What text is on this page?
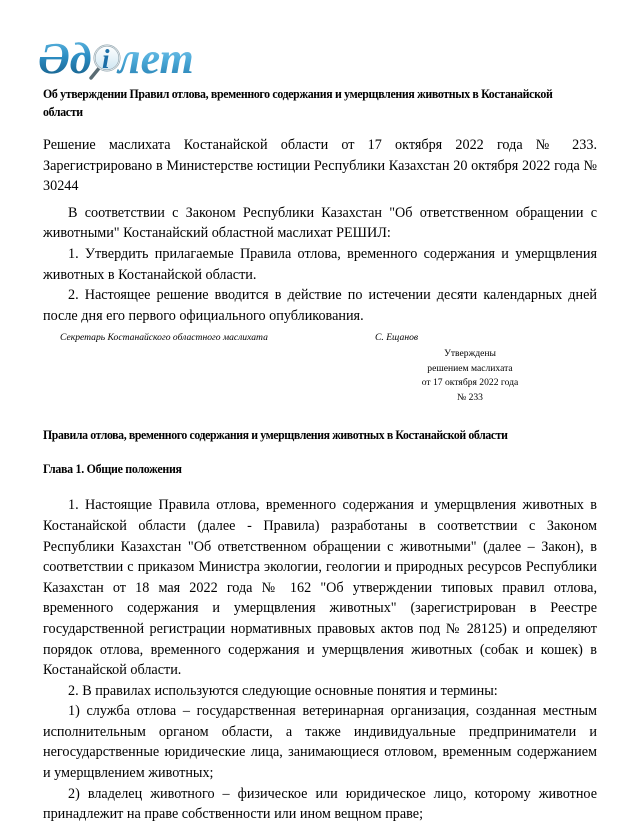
Әд i лет
Об утверждении Правил отлова, временного содержания и умерщвления животных в Костанайской области

Решение маслихата Костанайской области от 17 октября 2022 года № 233. Зарегистрировано в Министерстве юстиции Республики Казахстан 20 октября 2022 года № 30244

В соответствии с Законом Республики Казахстан "Об ответственном обращении с животными" Костанайский областной маслихат РЕШИЛ:

1. Утвердить прилагаемые Правила отлова, временного содержания и умерщвления животных в Костанайской области.

2. Настоящее решение вводится в действие по истечении десяти календарных дней после дня его первого официального опубликования.

Секретарь Костанайского областного маслихата	С. Ещанов
Утверждены
решением маслихата
от 17 октября 2022 года
№ 233
Правила отлова, временного содержания и умерщвления животных в Костанайской области
Глава 1. Общие положения

1. Настоящие Правила отлова, временного содержания и умерщвления животных в Костанайской области (далее - Правила) разработаны в соответствии с Законом Республики Казахстан "Об ответственном обращении с животными" (далее – Закон), в соответствии с приказом Министра экологии, геологии и природных ресурсов Республики Казахстан от 18 мая 2022 года № 162 "Об утверждении типовых правил отлова, временного содержания и умерщвления животных" (зарегистрирован в Реестре государственной регистрации нормативных правовых актов под № 28125) и определяют порядок отлова, временного содержания и умерщвления животных (собак и кошек) в Костанайской области.

2. В правилах используются следующие основные понятия и термины:

1) служба отлова – государственная ветеринарная организация, созданная местным исполнительным органом области, а также индивидуальные предприниматели и негосударственные юридические лица, занимающиеся отловом, временным содержанием и умерщвлением животных;

2) владелец животного – физическое или юридическое лицо, которому животное принадлежит на праве собственности или ином вещном праве;
